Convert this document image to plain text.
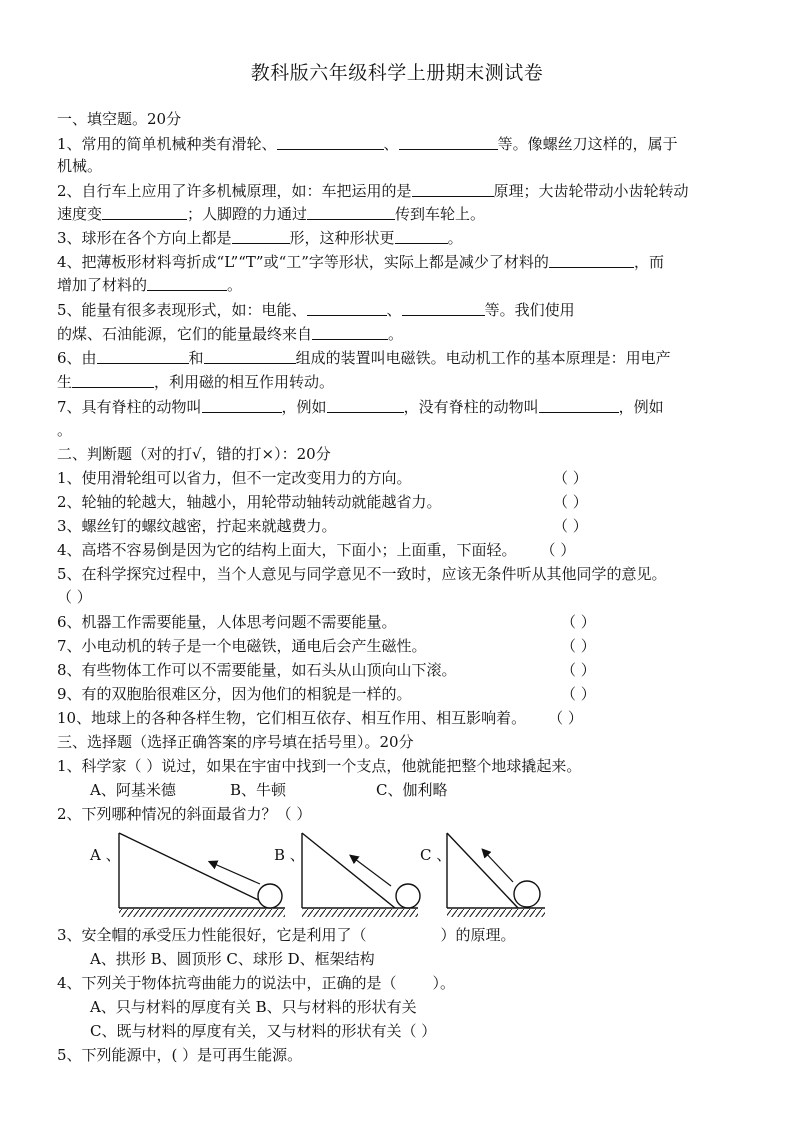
教科版六年级科学上册期末测试卷
一、填空题。20分
1、常用的简单机械种类有滑轮、	、	等。像螺丝刀这样的，属于
机械。
2、自行车上应用了许多机械原理，如：车把运用的是	原理；大齿轮带动小齿轮转动
速度变	；人脚蹬的力通过	传到车轮上。
3、球形在各个方向上都是	形，这种形状更	。
4、把薄板形材料弯折成“L”“T”或“工”字等形状，实际上都是减少了材料的	，而
增加了材料的	。
5、能量有很多表现形式，如：电能、	、	等。我们使用
的煤、石油能源，它们的能量最终来自	。
6、由	和	组成的装置叫电磁铁。电动机工作的基本原理是：用电产
生	，利用磁的相互作用转动。
7、具有脊柱的动物叫	，例如	，没有脊柱的动物叫	，例如
。
二、判断题（对的打√，错的打×）：20分
1、使用滑轮组可以省力，但不一定改变用力的方向。	（ ）
2、轮轴的轮越大，轴越小，用轮带动轴转动就能越省力。	（ ）
3、螺丝钉的螺纹越密，拧起来就越费力。	（ ）
4、高塔不容易倒是因为它的结构上面大，下面小；上面重，下面轻。 （ ）
5、在科学探究过程中，当个人意见与同学意见不一致时，应该无条件听从其他同学的意见。
（ ）
6、机器工作需要能量，人体思考问题不需要能量。	（ ）
7、小电动机的转子是一个电磁铁，通电后会产生磁性。	（ ）
8、有些物体工作可以不需要能量，如石头从山顶向山下滚。	（ ）
9、有的双胞胎很难区分，因为他们的相貌是一样的。	（ ）
10、地球上的各种各样生物，它们相互依存、相互作用、相互影响着。 （ ）
三、选择题（选择正确答案的序号填在括号里）。20分
1、科学家（ ）说过，如果在宇宙中找到一个支点，他就能把整个地球撬起来。
A、阿基米德	B、牛顿	C、伽利略
2、下列哪种情况的斜面最省力？（ ）
A 、	B 、	C 、
3、安全帽的承受压力性能很好，它是利用了（	）的原理。
A、拱形 B、圆顶形 C、球形 D、框架结构
4、下列关于物体抗弯曲能力的说法中，正确的是（ ）。
A、只与材料的厚度有关 B、只与材料的形状有关
C、既与材料的厚度有关，又与材料的形状有关（ ）
5、下列能源中，( ）是可再生能源。
